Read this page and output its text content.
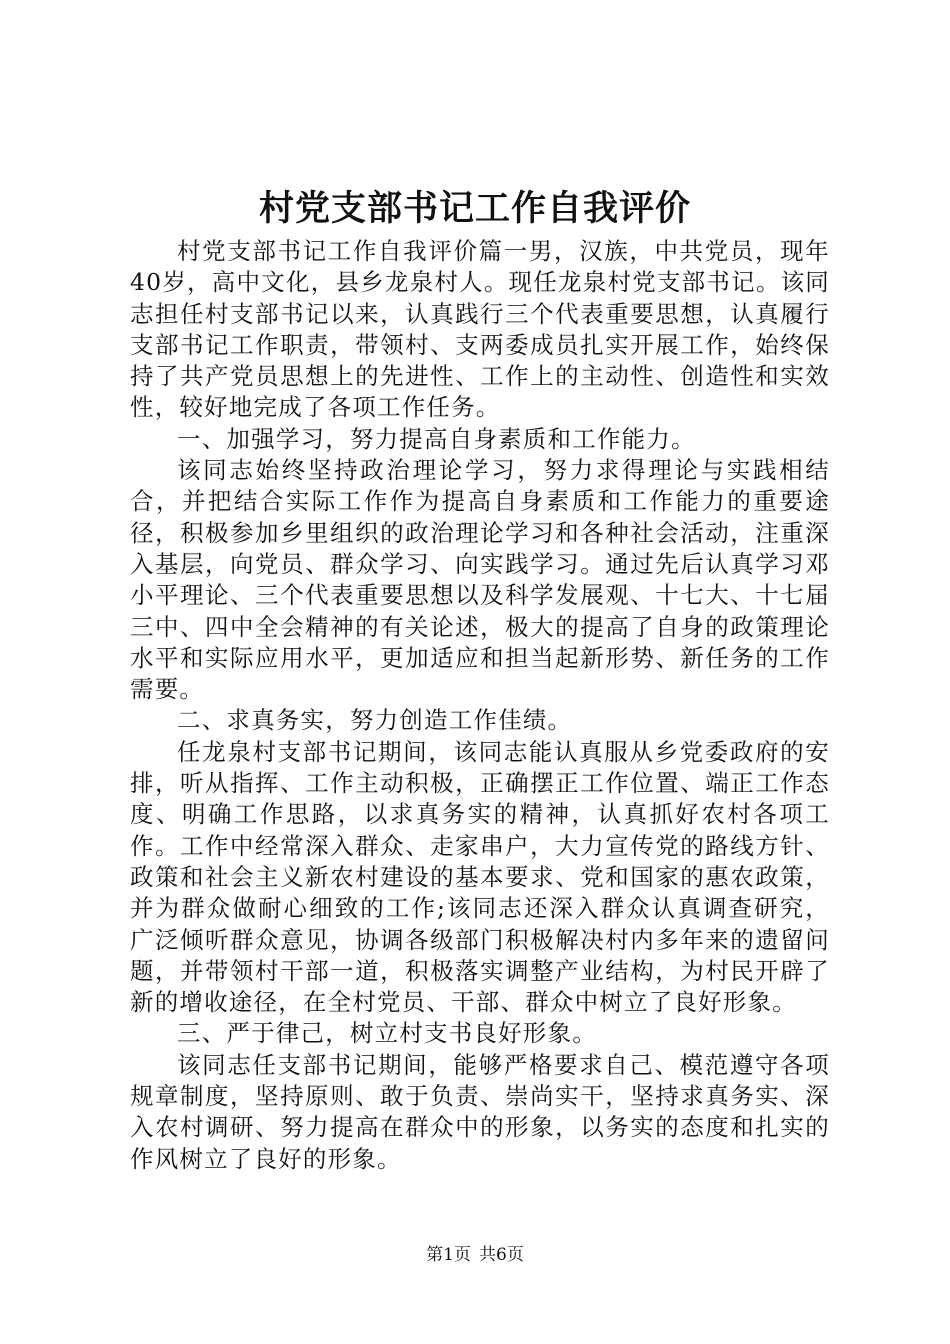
村党支部书记工作自我评价

村党支部书记工作自我评价篇一男，汉族，中共党员，现年40岁，高中文化，县乡龙泉村人。现任龙泉村党支部书记。该同志担任村支部书记以来，认真践行三个代表重要思想，认真履行支部书记工作职责，带领村、支两委成员扎实开展工作，始终保持了共产党员思想上的先进性、工作上的主动性、创造性和实效性，较好地完成了各项工作任务。

一、加强学习，努力提高自身素质和工作能力。

该同志始终坚持政治理论学习，努力求得理论与实践相结合，并把结合实际工作作为提高自身素质和工作能力的重要途径，积极参加乡里组织的政治理论学习和各种社会活动，注重深入基层，向党员、群众学习、向实践学习。通过先后认真学习邓小平理论、三个代表重要思想以及科学发展观、十七大、十七届三中、四中全会精神的有关论述，极大的提高了自身的政策理论水平和实际应用水平，更加适应和担当起新形势、新任务的工作需要。

二、求真务实，努力创造工作佳绩。

任龙泉村支部书记期间，该同志能认真服从乡党委政府的安排，听从指挥、工作主动积极，正确摆正工作位置、端正工作态度、明确工作思路，以求真务实的精神，认真抓好农村各项工作。工作中经常深入群众、走家串户，大力宣传党的路线方针、政策和社会主义新农村建设的基本要求、党和国家的惠农政策，并为群众做耐心细致的工作;该同志还深入群众认真调查研究，广泛倾听群众意见，协调各级部门积极解决村内多年来的遗留问题，并带领村干部一道，积极落实调整产业结构，为村民开辟了新的增收途径，在全村党员、干部、群众中树立了良好形象。

三、严于律己，树立村支书良好形象。

该同志任支部书记期间，能够严格要求自己、模范遵守各项规章制度，坚持原则、敢于负责、崇尚实干，坚持求真务实、深入农村调研、努力提高在群众中的形象，以务实的态度和扎实的作风树立了良好的形象。

第1页 共6页
